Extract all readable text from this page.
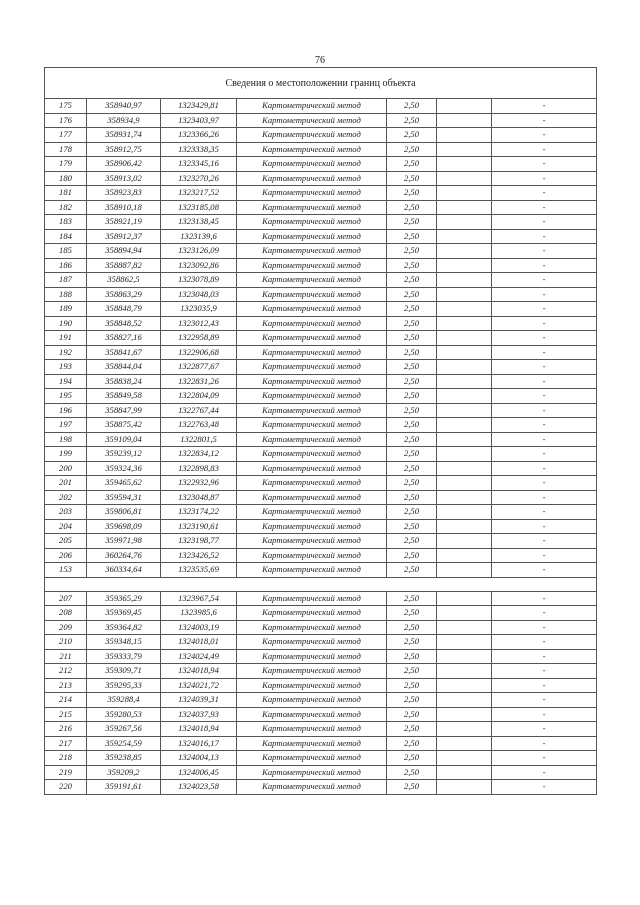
76
Сведения о местоположении границ объекта						
175	358940,97	1323429,81	Картометрический метод	2,50		-
176	358934,9	1323403,97	Картометрический метод	2,50		-
177	358931,74	1323366,26	Картометрический метод	2,50		-
178	358912,75	1323338,35	Картометрический метод	2,50		-
179	358906,42	1323345,16	Картометрический метод	2,50		-
180	358913,02	1323270,26	Картометрический метод	2,50		-
181	358923,83	1323217,52	Картометрический метод	2,50		-
182	358910,18	1323185,08	Картометрический метод	2,50		-
183	358921,19	1323138,45	Картометрический метод	2,50		-
184	358912,37	1323139,6	Картометрический метод	2,50		-
185	358894,94	1323126,09	Картометрический метод	2,50		-
186	358887,82	1323092,86	Картометрический метод	2,50		-
187	358862,5	1323078,89	Картометрический метод	2,50		-
188	358863,29	1323048,03	Картометрический метод	2,50		-
189	358848,79	1323035,9	Картометрический метод	2,50		-
190	358848,52	1323012,43	Картометрический метод	2,50		-
191	358827,16	1322958,89	Картометрический метод	2,50		-
192	358841,67	1322906,68	Картометрический метод	2,50		-
193	358844,04	1322877,67	Картометрический метод	2,50		-
194	358838,24	1322831,26	Картометрический метод	2,50		-
195	358849,58	1322804,09	Картометрический метод	2,50		-
196	358847,99	1322767,44	Картометрический метод	2,50		-
197	358875,42	1322763,48	Картометрический метод	2,50		-
198	359109,04	1322801,5	Картометрический метод	2,50		-
199	359239,12	1322834,12	Картометрический метод	2,50		-
200	359324,36	1322898,83	Картометрический метод	2,50		-
201	359465,62	1322932,96	Картометрический метод	2,50		-
202	359594,31	1323048,87	Картометрический метод	2,50		-
203	359806,81	1323174,22	Картометрический метод	2,50		-
204	359698,09	1323190,61	Картометрический метод	2,50		-
205	359971,98	1323198,77	Картометрический метод	2,50		-
206	360264,76	1323426,52	Картометрический метод	2,50		-
153	360334,64	1323535,69	Картометрический метод	2,50		-

207	359365,29	1323967,54	Картометрический метод	2,50		-
208	359369,45	1323985,6	Картометрический метод	2,50		-
209	359364,82	1324003,19	Картометрический метод	2,50		-
210	359348,15	1324018,01	Картометрический метод	2,50		-
211	359333,79	1324024,49	Картометрический метод	2,50		-
212	359309,71	1324018,94	Картометрический метод	2,50		-
213	359295,33	1324021,72	Картометрический метод	2,50		-
214	359288,4	1324039,31	Картометрический метод	2,50		-
215	359280,53	1324037,93	Картометрический метод	2,50		-
216	359267,56	1324018,94	Картометрический метод	2,50		-
217	359254,59	1324016,17	Картометрический метод	2,50		-
218	359238,85	1324004,13	Картометрический метод	2,50		-
219	359209,2	1324006,45	Картометрический метод	2,50		-
220	359191,61	1324023,58	Картометрический метод	2,50		-
